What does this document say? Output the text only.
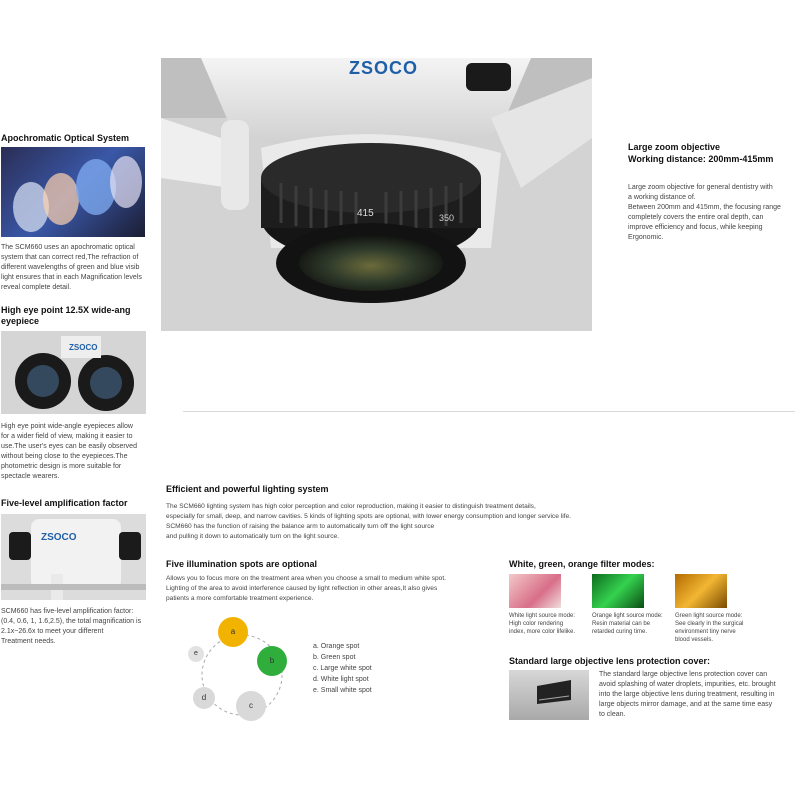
ZSOCO
415	350
Apochromatic Optical System
The SCM660 uses an apochromatic optical
system that can correct red,The refraction of
different wavelengths of green and blue visib
light ensures that in each Magnification levels
reveal complete detail.
High eye point 12.5X wide-ang
eyepiece
ZSOCO
High eye point wide-angle eyepieces allow
for a wider field of view, making it easier to
use.The user's eyes can be easily observed
without being close to the eyepieces.The
photometric design is more suitable for
spectacle wearers.
Five-level amplification factor
ZSOCO
SCM660 has five-level amplification factor:
(0.4, 0.6, 1, 1.6,2.5), the total magnification is
2.1x~26.6x to meet your different
Treatment needs.
Large zoom objective
Working distance: 200mm-415mm
Large zoom objective for general dentistry with
a working distance of.
Between 200mm and 415mm, the focusing range
completely covers the entire oral depth, can
improve efficiency and focus, while keeping
Ergonomic.
Efficient and powerful lighting system
The SCM660 lighting system has high color perception and color reproduction, making it easier to distinguish treatment details,
especially for small, deep, and narrow cavities. 5 kinds of lighting spots are optional, with lower energy consumption and longer service life.
SCM660 has the function of raising the balance arm to automatically turn off the light source
and pulling it down to automatically turn on the light source.
Five illumination spots are optional
Allows you to focus more on the treatment area when you choose a small to medium white spot.
Lighting of the area to avoid interference caused by light reflection in other areas,It also gives
patients a more comfortable treatment experience.
a
b
c
d
e
a. Orange spot
b. Green spot
c. Large white spot
d. White light spot
e. Small white spot
White, green, orange filter modes:
White light source mode:
High color rendering
index, more color lifelike.
Orange light source mode:
Resin material can be
retarded curing time.
Green light source mode:
See clearly in the surgical
environment tiny nerve
blood vessels.
Standard large objective lens protection cover:
The standard large objective lens protection cover can
avoid splashing of water droplets, impurities, etc. brought
into the large objective lens during treatment, resulting in
large objects mirror damage, and at the same time easy
to clean.
